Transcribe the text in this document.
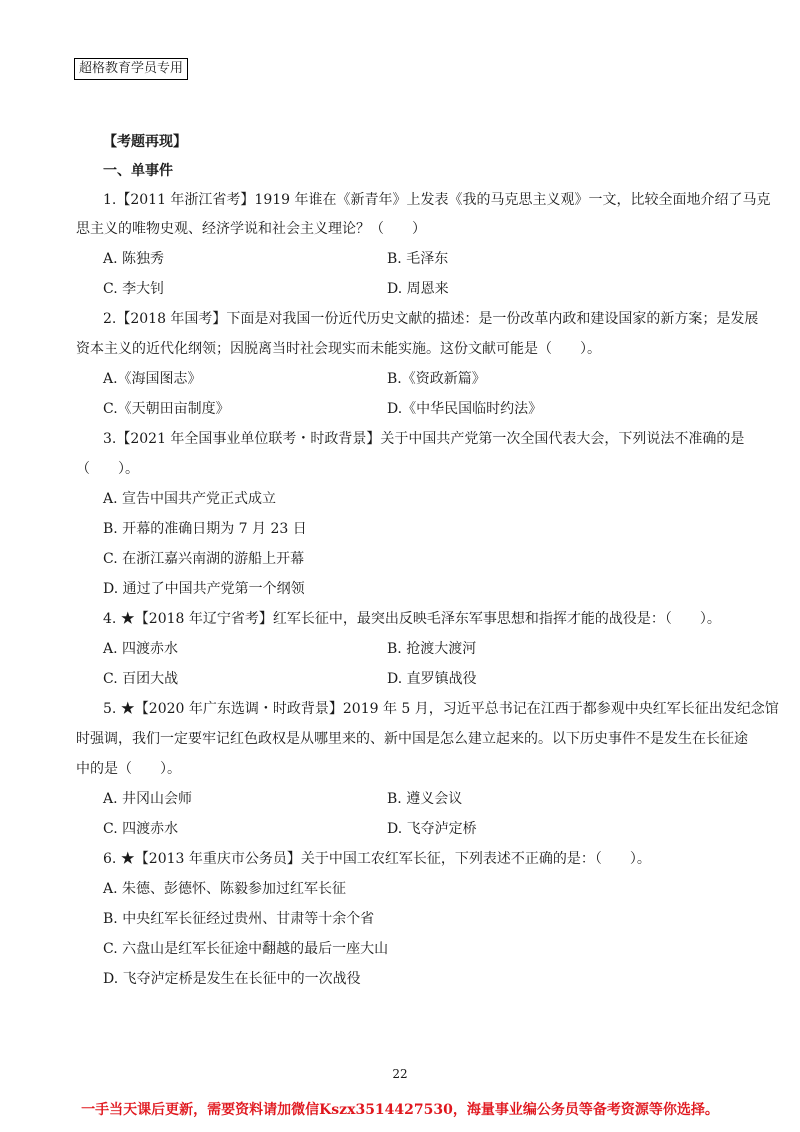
超格教育学员专用
【考题再现】
一、单事件
1.【2011 年浙江省考】1919 年谁在《新青年》上发表《我的马克思主义观》一文，比较全面地介绍了马克
思主义的唯物史观、经济学说和社会主义理论？（　　）
A. 陈独秀	B. 毛泽东
C. 李大钊	D. 周恩来
2.【2018 年国考】下面是对我国一份近代历史文献的描述：是一份改革内政和建设国家的新方案；是发展
资本主义的近代化纲领；因脱离当时社会现实而未能实施。这份文献可能是（　　）。
A.《海国图志》	B.《资政新篇》
C.《天朝田亩制度》	D.《中华民国临时约法》
3.【2021 年全国事业单位联考・时政背景】关于中国共产党第一次全国代表大会，下列说法不准确的是
（　　）。
A. 宣告中国共产党正式成立
B. 开幕的准确日期为 7 月 23 日
C. 在浙江嘉兴南湖的游船上开幕
D. 通过了中国共产党第一个纲领
4. ★【2018 年辽宁省考】红军长征中，最突出反映毛泽东军事思想和指挥才能的战役是：（　　）。
A. 四渡赤水	B. 抢渡大渡河
C. 百团大战	D. 直罗镇战役
5. ★【2020 年广东选调・时政背景】2019 年 5 月，习近平总书记在江西于都参观中央红军长征出发纪念馆
时强调，我们一定要牢记红色政权是从哪里来的、新中国是怎么建立起来的。以下历史事件不是发生在长征途
中的是（　　）。
A. 井冈山会师	B. 遵义会议
C. 四渡赤水	D. 飞夺泸定桥
6. ★【2013 年重庆市公务员】关于中国工农红军长征，下列表述不正确的是：（　　）。
A. 朱德、彭德怀、陈毅参加过红军长征
B. 中央红军长征经过贵州、甘肃等十余个省
C. 六盘山是红军长征途中翻越的最后一座大山
D. 飞夺泸定桥是发生在长征中的一次战役
22
一手当天课后更新，需要资料请加微信Kszx3514427530，海量事业编公务员等备考资源等你选择。
